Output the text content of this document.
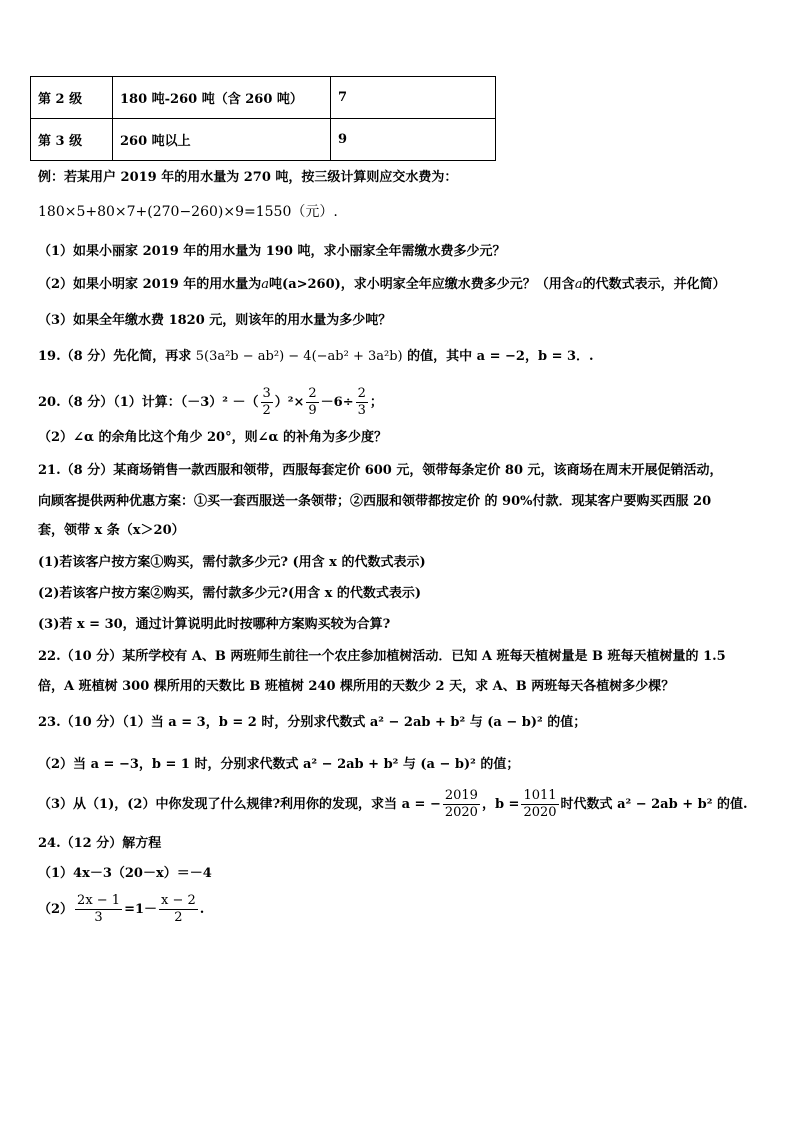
第 2 级	180 吨-260 吨（含 260 吨）	7
第 3 级	260 吨以上	9
例：若某用户 2019 年的用水量为 270 吨，按三级计算则应交水费为：
180×5+80×7+(270−260)×9=1550（元）.
（1）如果小丽家 2019 年的用水量为 190 吨，求小丽家全年需缴水费多少元？
（2）如果小明家 2019 年的用水量为a吨(a>260)，求小明家全年应缴水费多少元？（用含a的代数式表示，并化简）
（3）如果全年缴水费 1820 元，则该年的用水量为多少吨？
19.（8 分）先化简，再求 5(3a²b − ab²) − 4(−ab² + 3a²b) 的值，其中 a = −2，b = 3．.
20.（8 分）（1）计算：（－3）² －（ $\frac{3}{2} )^2\times \frac{2}{9} -6\div \frac{2}{3}$ ；
（2）∠α 的余角比这个角少 20°，则∠α 的补角为多少度？
21.（8 分）某商场销售一款西服和领带，西服每套定价 600 元，领带每条定价 80 元，该商场在周末开展促销活动，
向顾客提供两种优惠方案：①买一套西服送一条领带；②西服和领带都按定价 的 90%付款．现某客户要购买西服 20
套，领带 x 条（x＞20）
(1)若该客户按方案①购买，需付款多少元? (用含 x 的代数式表示)
(2)若该客户按方案②购买，需付款多少元?(用含 x 的代数式表示)
(3)若 x = 30，通过计算说明此时按哪种方案购买较为合算?
22.（10 分）某所学校有 A、B 两班师生前往一个农庄参加植树活动．已知 A 班每天植树量是 B 班每天植树量的 1.5
倍，A 班植树 300 棵所用的天数比 B 班植树 240 棵所用的天数少 2 天，求 A、B 两班每天各植树多少棵？
23.（10 分）（1）当 a = 3，b = 2 时，分别求代数式 a² − 2ab + b² 与 (a − b)² 的值；
（2）当 a = −3，b = 1 时，分别求代数式 a² − 2ab + b² 与 (a − b)² 的值；
（3）从（1)，(2）中你发现了什么规律?利用你的发现，求当 a = − $\frac{2019}{2020}$ ，$b = \frac{1011}{2020}$ 时代数式 a² − 2ab + b² 的值.
24.（12 分）解方程
（1）4x－3（20－x）＝－4
$(2) \frac{2x - 1}{3} =1- \frac{x - 2}{2}$ .
